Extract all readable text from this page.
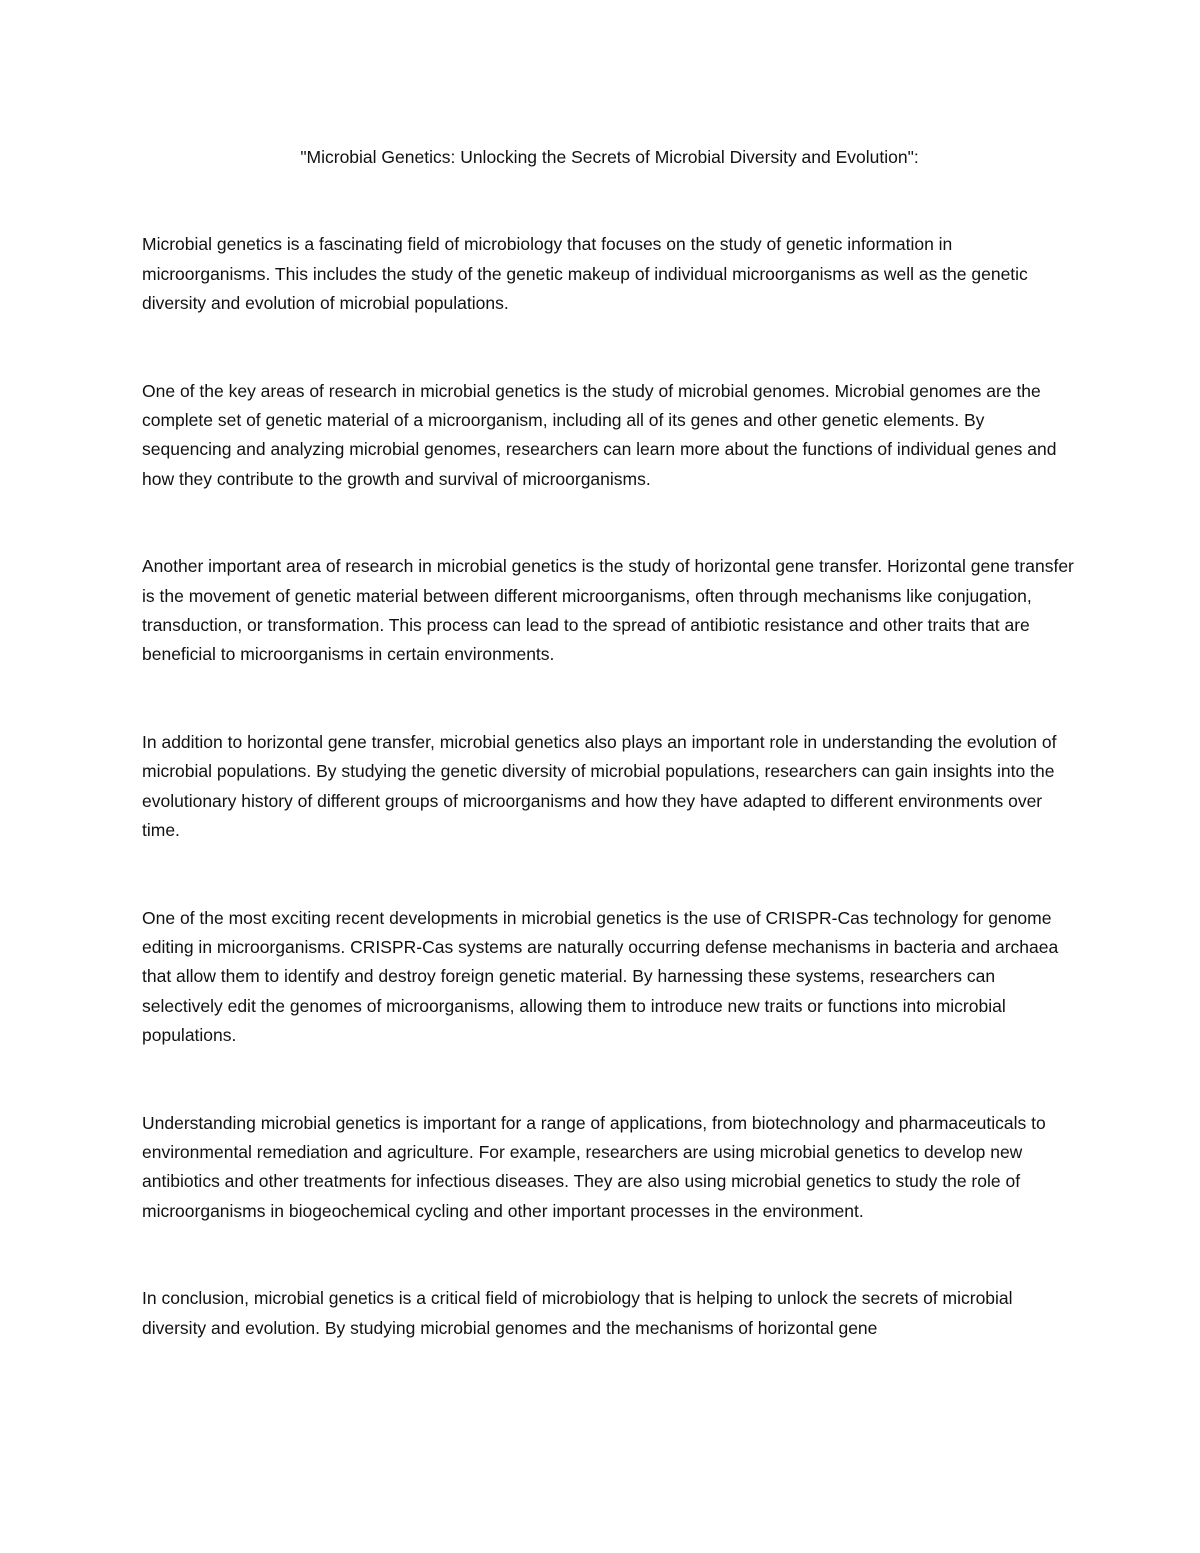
"Microbial Genetics: Unlocking the Secrets of Microbial Diversity and Evolution":

Microbial genetics is a fascinating field of microbiology that focuses on the study of genetic information in microorganisms. This includes the study of the genetic makeup of individual microorganisms as well as the genetic diversity and evolution of microbial populations.

One of the key areas of research in microbial genetics is the study of microbial genomes. Microbial genomes are the complete set of genetic material of a microorganism, including all of its genes and other genetic elements. By sequencing and analyzing microbial genomes, researchers can learn more about the functions of individual genes and how they contribute to the growth and survival of microorganisms.

Another important area of research in microbial genetics is the study of horizontal gene transfer. Horizontal gene transfer is the movement of genetic material between different microorganisms, often through mechanisms like conjugation, transduction, or transformation. This process can lead to the spread of antibiotic resistance and other traits that are beneficial to microorganisms in certain environments.

In addition to horizontal gene transfer, microbial genetics also plays an important role in understanding the evolution of microbial populations. By studying the genetic diversity of microbial populations, researchers can gain insights into the evolutionary history of different groups of microorganisms and how they have adapted to different environments over time.

One of the most exciting recent developments in microbial genetics is the use of CRISPR-Cas technology for genome editing in microorganisms. CRISPR-Cas systems are naturally occurring defense mechanisms in bacteria and archaea that allow them to identify and destroy foreign genetic material. By harnessing these systems, researchers can selectively edit the genomes of microorganisms, allowing them to introduce new traits or functions into microbial populations.

Understanding microbial genetics is important for a range of applications, from biotechnology and pharmaceuticals to environmental remediation and agriculture. For example, researchers are using microbial genetics to develop new antibiotics and other treatments for infectious diseases. They are also using microbial genetics to study the role of microorganisms in biogeochemical cycling and other important processes in the environment.

In conclusion, microbial genetics is a critical field of microbiology that is helping to unlock the secrets of microbial diversity and evolution. By studying microbial genomes and the mechanisms of horizontal gene
